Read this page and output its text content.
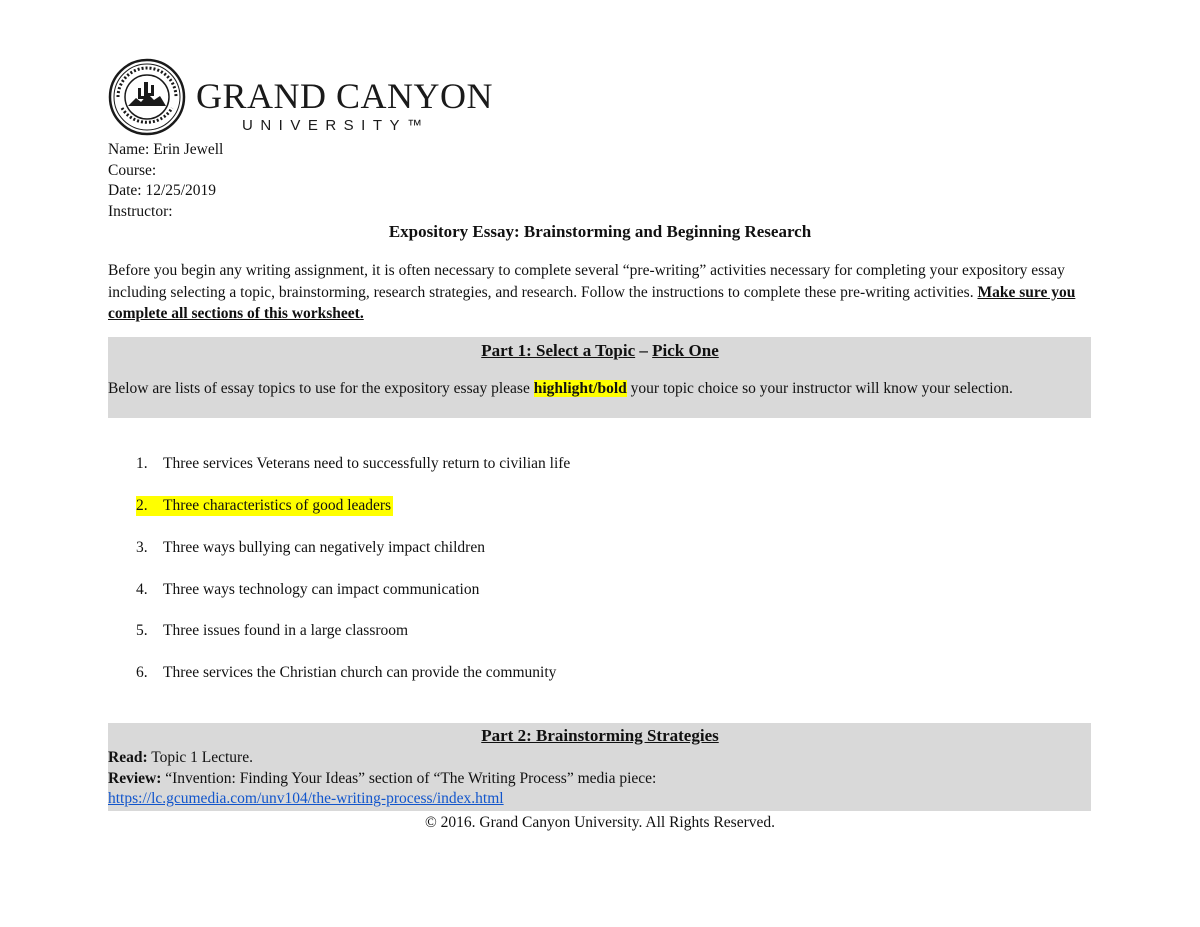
GRAND CANYON
UNIVERSITY™
Name: Erin Jewell
Course:
Date: 12/25/2019
Instructor:
Expository Essay: Brainstorming and Beginning Research
Before you begin any writing assignment, it is often necessary to complete several “pre-writing” activities necessary for completing your expository essay including selecting a topic, brainstorming, research strategies, and research. Follow the instructions to complete these pre-writing activities. Make sure you complete all sections of this worksheet.
Part 1: Select a Topic – Pick One
Below are lists of essay topics to use for the expository essay please highlight/bold your topic choice so your instructor will know your selection.
1. Three services Veterans need to successfully return to civilian life
2. Three characteristics of good leaders
3. Three ways bullying can negatively impact children
4. Three ways technology can impact communication
5. Three issues found in a large classroom
6. Three services the Christian church can provide the community
Part 2: Brainstorming Strategies
Read: Topic 1 Lecture.
Review: “Invention: Finding Your Ideas” section of “The Writing Process” media piece:
https://lc.gcumedia.com/unv104/the-writing-process/index.html
© 2016. Grand Canyon University. All Rights Reserved.
